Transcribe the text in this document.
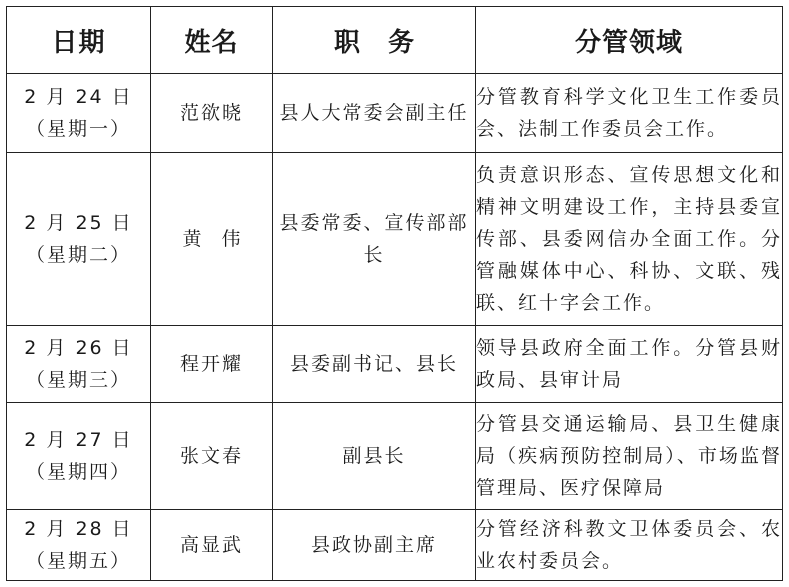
日期	姓名	职务	分管领域

2 月 24 日
（星期一）	范欲晓	县人大常委会副主任	分管教育科学文化卫生工作委员会、法制工作委员会工作。

2 月 25 日
（星期二）	黄伟	县委常委、宣传部部长	负责意识形态、宣传思想文化和精神文明建设工作，主持县委宣传部、县委网信办全面工作。分管融媒体中心、科协、文联、残联、红十字会工作。

2 月 26 日
（星期三）	程开耀	县委副书记、县长	领导县政府全面工作。分管县财政局、县审计局

2 月 27 日
（星期四）	张文春	副县长	分管县交通运输局、县卫生健康局（疾病预防控制局）、市场监督管理局、医疗保障局

2 月 28 日
（星期五）	高显武	县政协副主席	分管经济科教文卫体委员会、农业农村委员会。
